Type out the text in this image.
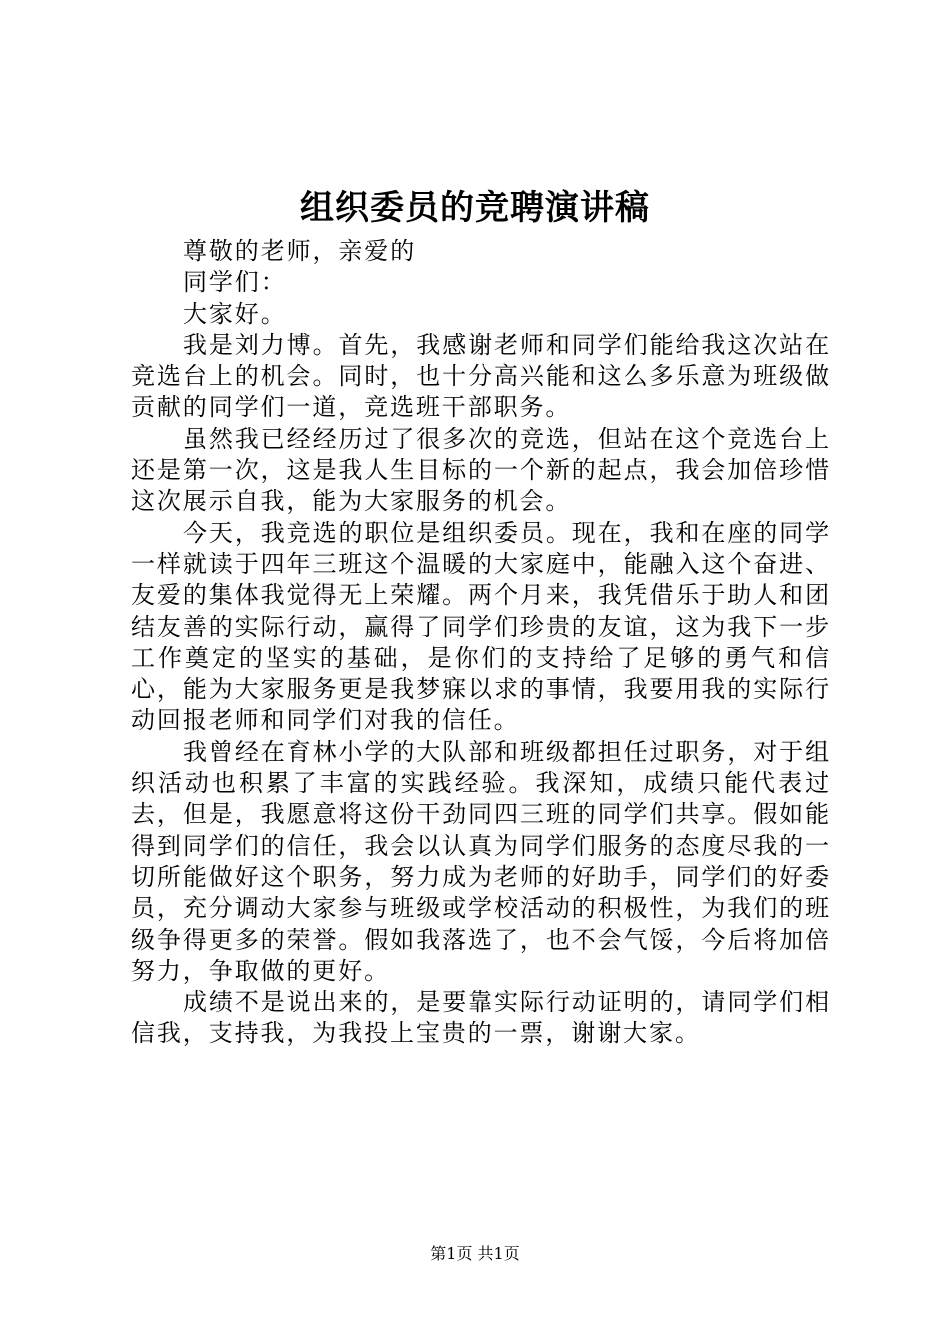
组织委员的竞聘演讲稿

尊敬的老师，亲爱的

同学们：

大家好。

我是刘力博。首先，我感谢老师和同学们能给我这次站在竞选台上的机会。同时，也十分高兴能和这么多乐意为班级做贡献的同学们一道，竞选班干部职务。

虽然我已经经历过了很多次的竞选，但站在这个竞选台上还是第一次，这是我人生目标的一个新的起点，我会加倍珍惜这次展示自我，能为大家服务的机会。

今天，我竞选的职位是组织委员。现在，我和在座的同学一样就读于四年三班这个温暖的大家庭中，能融入这个奋进、友爱的集体我觉得无上荣耀。两个月来，我凭借乐于助人和团结友善的实际行动，赢得了同学们珍贵的友谊，这为我下一步工作奠定的坚实的基础，是你们的支持给了足够的勇气和信心，能为大家服务更是我梦寐以求的事情，我要用我的实际行动回报老师和同学们对我的信任。

我曾经在育林小学的大队部和班级都担任过职务，对于组织活动也积累了丰富的实践经验。我深知，成绩只能代表过去，但是，我愿意将这份干劲同四三班的同学们共享。假如能得到同学们的信任，我会以认真为同学们服务的态度尽我的一切所能做好这个职务，努力成为老师的好助手，同学们的好委员，充分调动大家参与班级或学校活动的积极性，为我们的班级争得更多的荣誉。假如我落选了，也不会气馁，今后将加倍努力，争取做的更好。

成绩不是说出来的，是要靠实际行动证明的，请同学们相信我，支持我，为我投上宝贵的一票，谢谢大家。

第1页 共1页
